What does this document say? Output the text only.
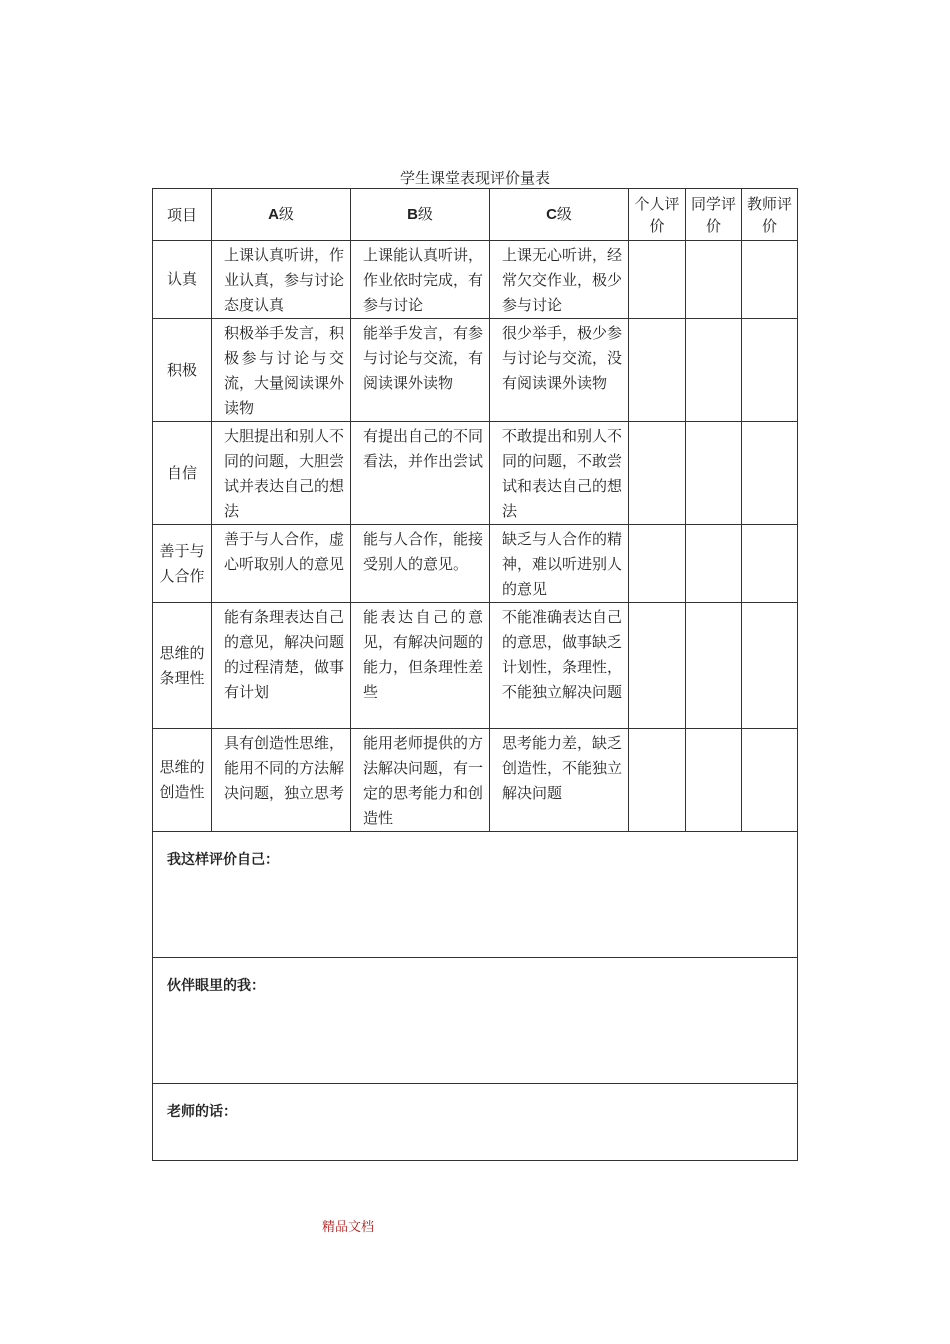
学生课堂表现评价量表
项目	A级	B级	C级	个人评价	同学评价	教师评价
认真	上课认真听讲，作业认真，参与讨论态度认真	上课能认真听讲，作业依时完成，有参与讨论	上课无心听讲，经常欠交作业，极少参与讨论			
积极	积极举手发言，积极参与讨论与交流，大量阅读课外读物	能举手发言，有参与讨论与交流，有阅读课外读物	很少举手，极少参与讨论与交流，没有阅读课外读物			
自信	大胆提出和别人不同的问题，大胆尝试并表达自己的想法	有提出自己的不同看法，并作出尝试	不敢提出和别人不同的问题，不敢尝试和表达自己的想法			
善于与人合作	善于与人合作，虚心听取别人的意见	能与人合作，能接受别人的意见。	缺乏与人合作的精神，难以听进别人的意见			
思维的条理性	能有条理表达自己的意见，解决问题的过程清楚，做事有计划	能表达自己的意见，有解决问题的能力，但条理性差些	不能准确表达自己的意思，做事缺乏计划性，条理性，不能独立解决问题			
思维的创造性	具有创造性思维，能用不同的方法解决问题，独立思考	能用老师提供的方法解决问题，有一定的思考能力和创造性	思考能力差，缺乏创造性，不能独立解决问题			

我这样评价自己：						

伙伴眼里的我：						

老师的话：						
精品文档
